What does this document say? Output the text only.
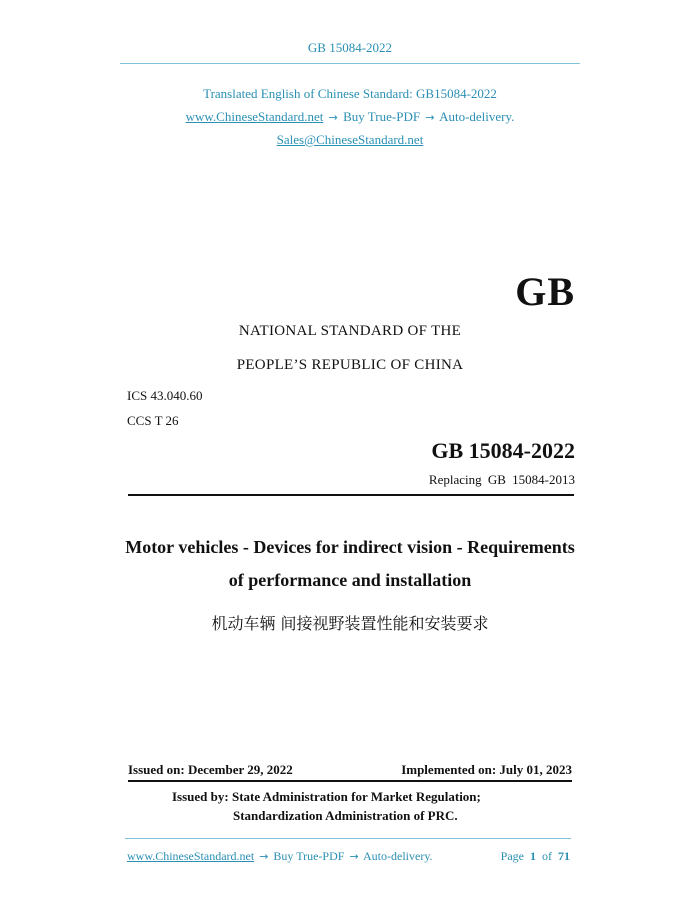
GB 15084-2022
Translated English of Chinese Standard: GB15084-2022
www.ChineseStandard.net → Buy True-PDF → Auto-delivery.
Sales@ChineseStandard.net
GB
NATIONAL STANDARD OF THE
PEOPLE’S REPUBLIC OF CHINA
ICS 43.040.60
CCS T 26
GB 15084-2022
Replacing GB 15084-2013
Motor vehicles - Devices for indirect vision - Requirements
of performance and installation
机动车辆 间接视野装置性能和安装要求
Issued on: December 29, 2022	Implemented on: July 01, 2023
Issued by: State Administration for Market Regulation;
Standardization Administration of PRC.
www.ChineseStandard.net → Buy True-PDF → Auto-delivery.	Page 1 of 71
